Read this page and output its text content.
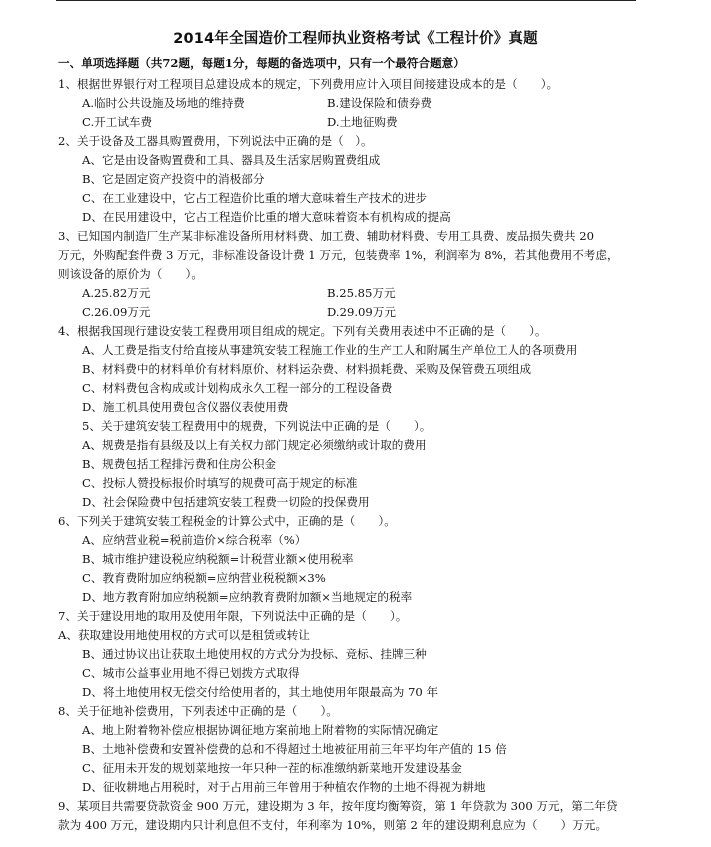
2014年全国造价工程师执业资格考试《工程计价》真题
一、单项选择题（共72题，每题1分，每题的备选项中，只有一个最符合题意）
1、根据世界银行对工程项目总建设成本的规定，下列费用应计入项目间接建设成本的是（　　）。
A.临时公共设施及场地的维持费	B.建设保险和债券费
C.开工试车费	D.土地征购费
2、关于设备及工器具购置费用，下列说法中正确的是（　）。
A、它是由设备购置费和工具、器具及生活家居购置费组成
B、它是固定资产投资中的消极部分
C、在工业建设中，它占工程造价比重的增大意味着生产技术的进步
D、在民用建设中，它占工程造价比重的增大意味着资本有机构成的提高
3、已知国内制造厂生产某非标准设备所用材料费、加工费、辅助材料费、专用工具费、废品损失费共 20
万元，外购配套件费 3 万元，非标准设备设计费 1 万元，包装费率 1%，利润率为 8%，若其他费用不考虑，
则该设备的原价为（　　）。
A.25.82万元	B.25.85万元
C.26.09万元	D.29.09万元
4、根据我国现行建设安装工程费用项目组成的规定。下列有关费用表述中不正确的是（　　）。
A、人工费是指支付给直接从事建筑安装工程施工作业的生产工人和附属生产单位工人的各项费用
B、材料费中的材料单价有材料原价、材料运杂费、材料损耗费、采购及保管费五项组成
C、材料费包含构成或计划构成永久工程一部分的工程设备费
D、施工机具使用费包含仪器仪表使用费
5、关于建筑安装工程费用中的规费，下列说法中正确的是（　　）。
A、规费是指有县级及以上有关权力部门规定必须缴纳或计取的费用
B、规费包括工程排污费和住房公积金
C、投标人赞投标报价时填写的规费可高于规定的标准
D、社会保险费中包括建筑安装工程费一切险的投保费用
6、下列关于建筑安装工程税金的计算公式中，正确的是（　　）。
A、应纳营业税=税前造价×综合税率（%）
B、城市维护建设税应纳税额=计税营业额×使用税率
C、教育费附加应纳税额=应纳营业税税额×3%
D、地方教育附加应纳税额=应纳教育费附加额×当地规定的税率
7、关于建设用地的取用及使用年限，下列说法中正确的是（　　）。
A、获取建设用地使用权的方式可以是租赁或转让
B、通过协议出让获取土地使用权的方式分为投标、竞标、挂牌三种
C、城市公益事业用地不得已划拨方式取得
D、将土地使用权无偿交付给使用者的，其土地使用年限最高为 70 年
8、关于征地补偿费用，下列表述中正确的是（　　）。
A、地上附着物补偿应根据协调征地方案前地上附着物的实际情况确定
B、土地补偿费和安置补偿费的总和不得超过土地被征用前三年平均年产值的 15 倍
C、征用未开发的规划菜地按一年只种一茬的标准缴纳新菜地开发建设基金
D、征收耕地占用税时，对于占用前三年曾用于种植农作物的土地不得视为耕地
9、某项目共需要贷款资金 900 万元，建设期为 3 年，按年度均衡筹资，第 1 年贷款为 300 万元，第二年贷
款为 400 万元，建设期内只计利息但不支付，年利率为 10%，则第 2 年的建设期利息应为（　　）万元。
